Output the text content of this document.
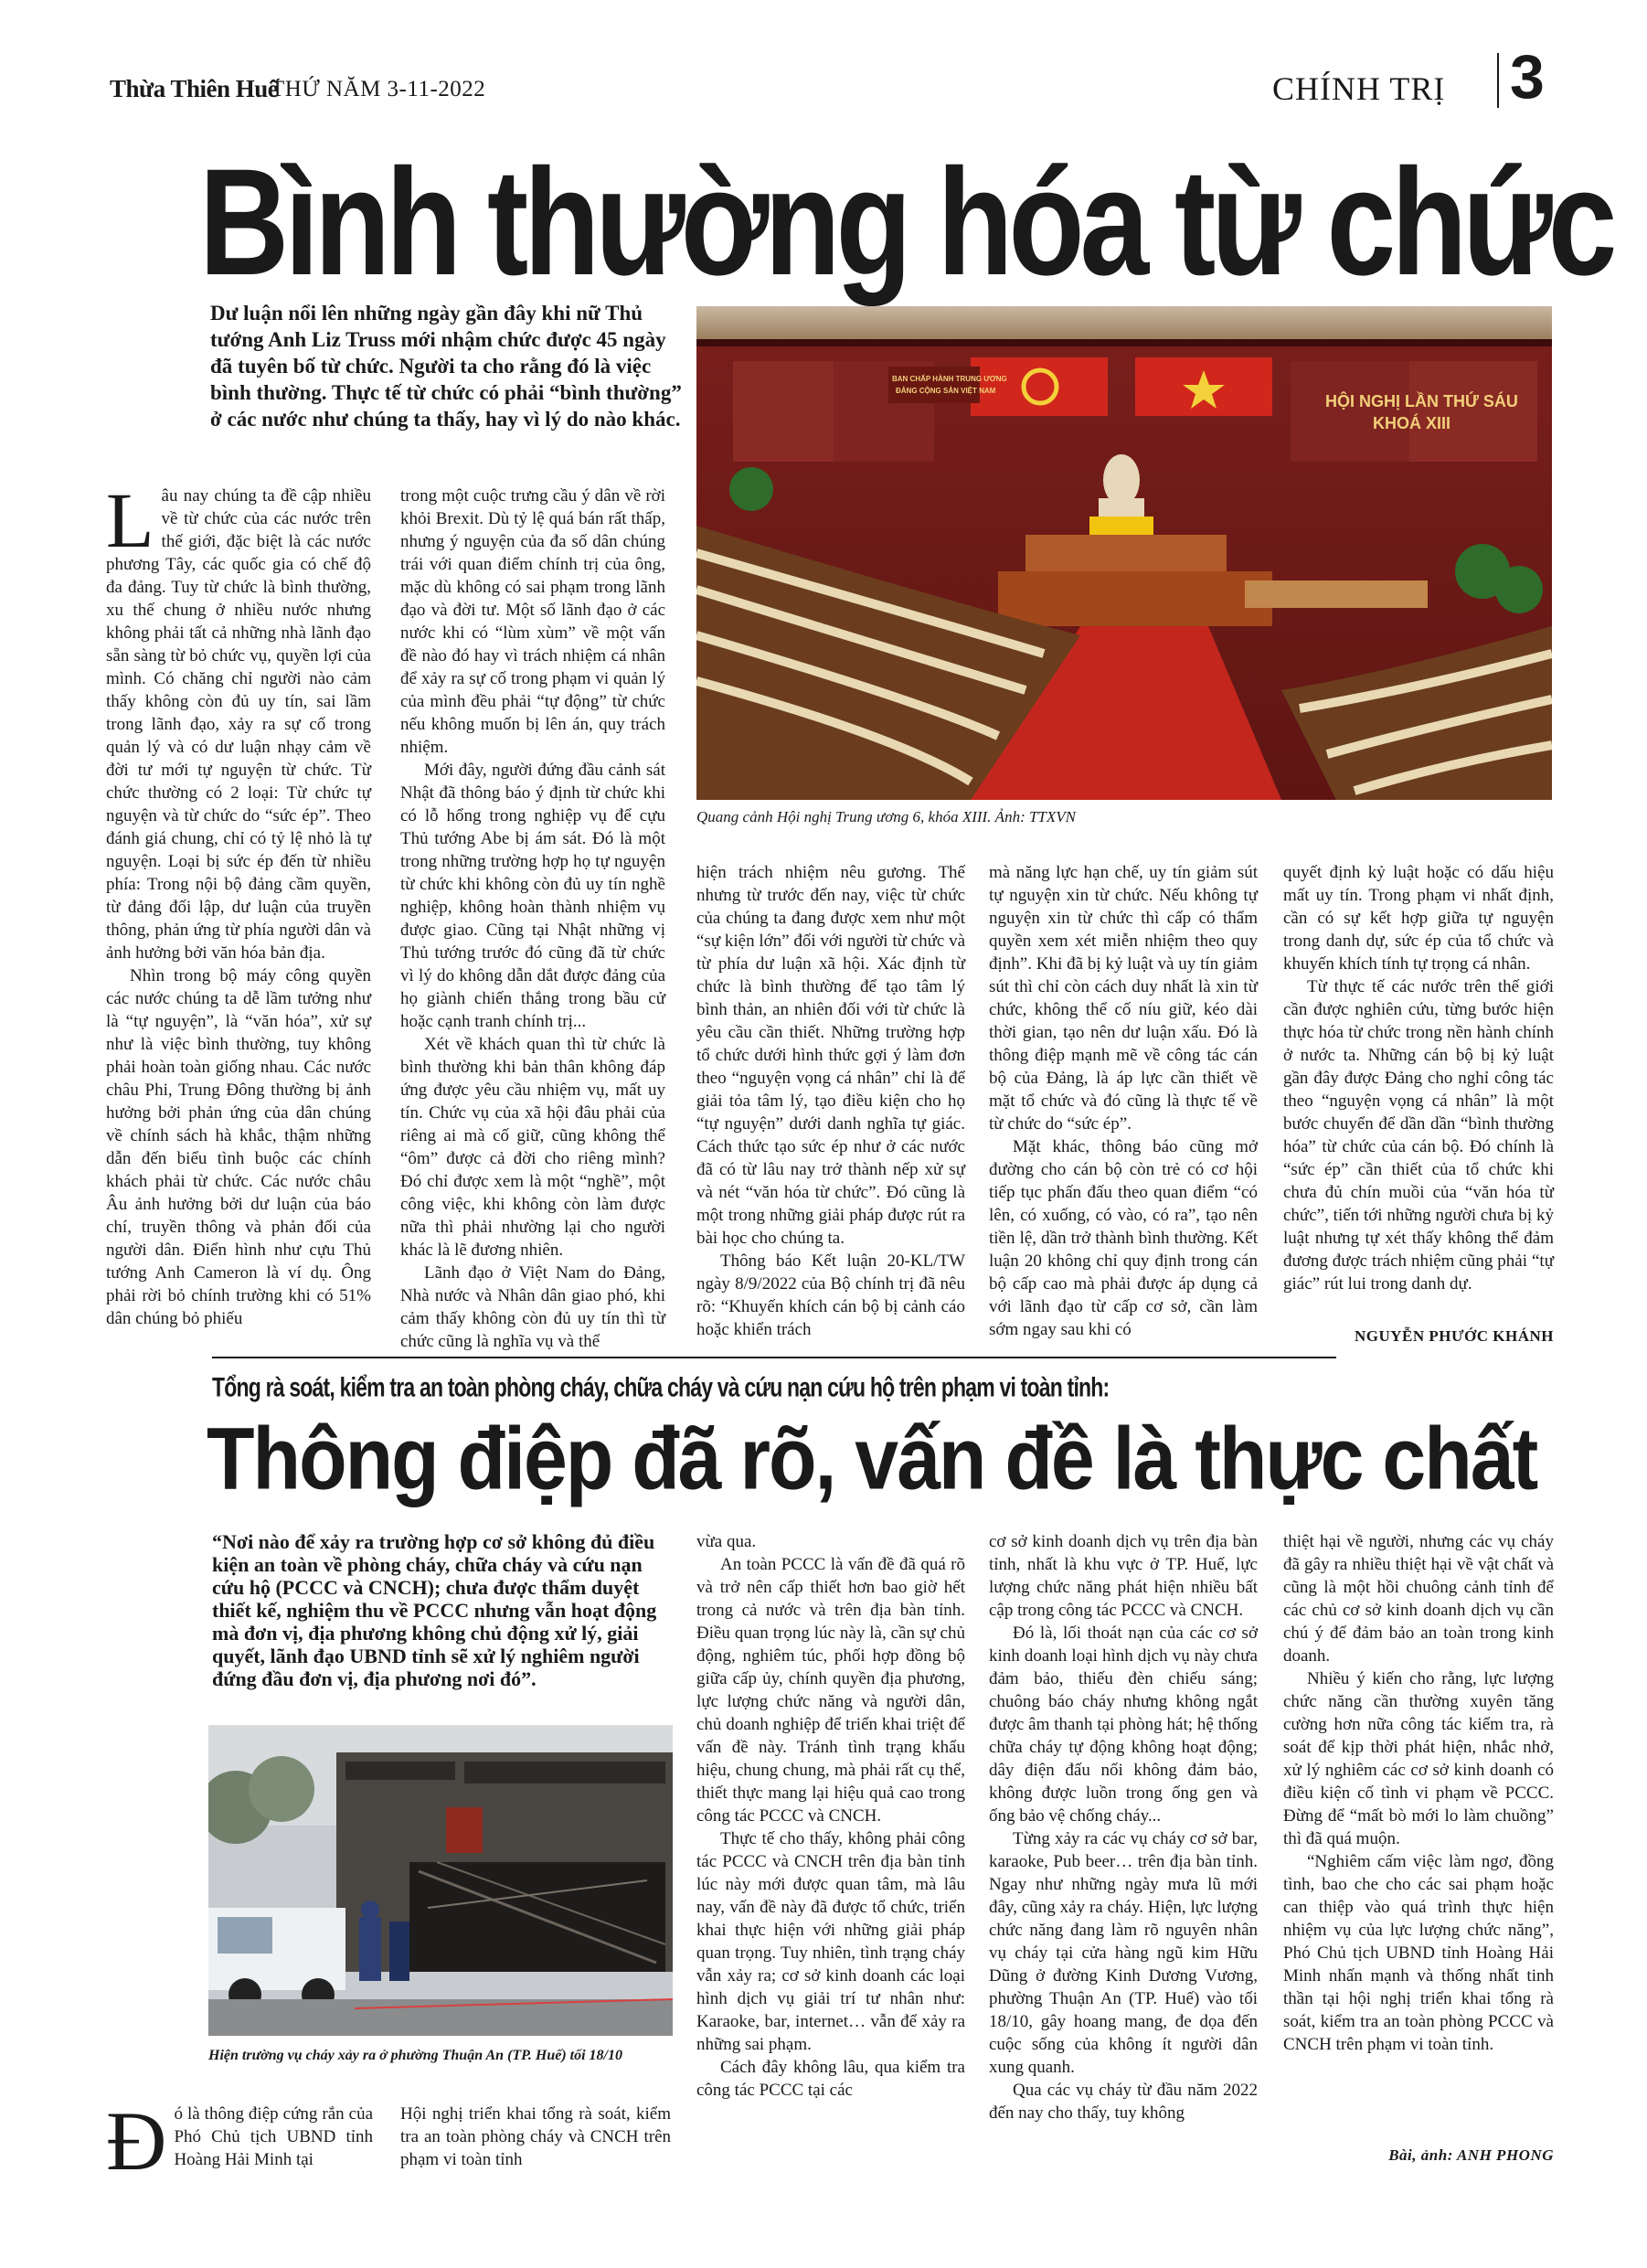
Thừa Thiên Huế
THỨ NĂM 3-11-2022	CHÍNH TRỊ 3
Bình thường hóa từ chức
Dư luận nổi lên những ngày gần đây khi nữ Thủ tướng Anh Liz Truss mới nhậm chức được 45 ngày đã tuyên bố từ chức. Người ta cho rằng đó là việc bình thường. Thực tế từ chức có phải “bình thường” ở các nước như chúng ta thấy, hay vì lý do nào khác.
BAN CHẤP HÀNH TRUNG ƯƠNG
ĐẢNG CỘNG SẢN VIỆT NAM
HỘI NGHỊ LẦN THỨ SÁU
KHOÁ XIII
Quang cảnh Hội nghị Trung ương 6, khóa XIII. Ảnh: TTXVN

Lâu nay chúng ta đề cập nhiều về từ chức của các nước trên thế giới, đặc biệt là các nước phương Tây, các quốc gia có chế độ đa đảng. Tuy từ chức là bình thường, xu thế chung ở nhiều nước nhưng không phải tất cả những nhà lãnh đạo sẵn sàng từ bỏ chức vụ, quyền lợi của mình. Có chăng chỉ người nào cảm thấy không còn đủ uy tín, sai lầm trong lãnh đạo, xảy ra sự cố trong quản lý và có dư luận nhạy cảm về đời tư mới tự nguyện từ chức. Từ chức thường có 2 loại: Từ chức tự nguyện và từ chức do “sức ép”. Theo đánh giá chung, chỉ có tỷ lệ nhỏ là tự nguyện. Loại bị sức ép đến từ nhiều phía: Trong nội bộ đảng cầm quyền, từ đảng đối lập, dư luận của truyền thông, phản ứng từ phía người dân và ảnh hưởng bởi văn hóa bản địa.

Nhìn trong bộ máy công quyền các nước chúng ta dễ lầm tưởng như là “tự nguyện”, là “văn hóa”, xử sự như là việc bình thường, tuy không phải hoàn toàn giống nhau. Các nước châu Phi, Trung Đông thường bị ảnh hưởng bởi phản ứng của dân chúng về chính sách hà khắc, thậm những dẫn đến biểu tình buộc các chính khách phải từ chức. Các nước châu Âu ảnh hưởng bởi dư luận của báo chí, truyền thông và phản đối của người dân. Điển hình như cựu Thủ tướng Anh Cameron là ví dụ. Ông phải rời bỏ chính trường khi có 51% dân chúng bỏ phiếu

trong một cuộc trưng cầu ý dân về rời khỏi Brexit. Dù tỷ lệ quá bán rất thấp, nhưng ý nguyện của đa số dân chúng trái với quan điểm chính trị của ông, mặc dù không có sai phạm trong lãnh đạo và đời tư. Một số lãnh đạo ở các nước khi có “lùm xùm” về một vấn đề nào đó hay vì trách nhiệm cá nhân để xảy ra sự cố trong phạm vi quản lý của mình đều phải “tự động” từ chức nếu không muốn bị lên án, quy trách nhiệm.

Mới đây, người đứng đầu cảnh sát Nhật đã thông báo ý định từ chức khi có lỗ hổng trong nghiệp vụ để cựu Thủ tướng Abe bị ám sát. Đó là một trong những trường hợp họ tự nguyện từ chức khi không còn đủ uy tín nghề nghiệp, không hoàn thành nhiệm vụ được giao. Cũng tại Nhật những vị Thủ tướng trước đó cũng đã từ chức vì lý do không dẫn dắt được đảng của họ giành chiến thắng trong bầu cử hoặc cạnh tranh chính trị...

Xét về khách quan thì từ chức là bình thường khi bản thân không đáp ứng được yêu cầu nhiệm vụ, mất uy tín. Chức vụ của xã hội đâu phải của riêng ai mà cố giữ, cũng không thể “ôm” được cả đời cho riêng mình? Đó chỉ được xem là một “nghề”, một công việc, khi không còn làm được nữa thì phải nhường lại cho người khác là lẽ đương nhiên.

Lãnh đạo ở Việt Nam do Đảng, Nhà nước và Nhân dân giao phó, khi cảm thấy không còn đủ uy tín thì từ chức cũng là nghĩa vụ và thể

hiện trách nhiệm nêu gương. Thế nhưng từ trước đến nay, việc từ chức của chúng ta đang được xem như một “sự kiện lớn” đối với người từ chức và từ phía dư luận xã hội. Xác định từ chức là bình thường để tạo tâm lý bình thản, an nhiên đối với từ chức là yêu cầu cần thiết. Những trường hợp tổ chức dưới hình thức gợi ý làm đơn theo “nguyện vọng cá nhân” chỉ là để giải tỏa tâm lý, tạo điều kiện cho họ “tự nguyện” dưới danh nghĩa tự giác. Cách thức tạo sức ép như ở các nước đã có từ lâu nay trở thành nếp xử sự và nét “văn hóa từ chức”. Đó cũng là một trong những giải pháp được rút ra bài học cho chúng ta.

Thông báo Kết luận 20-KL/TW ngày 8/9/2022 của Bộ chính trị đã nêu rõ: “Khuyến khích cán bộ bị cảnh cáo hoặc khiển trách

mà năng lực hạn chế, uy tín giảm sút tự nguyện xin từ chức. Nếu không tự nguyện xin từ chức thì cấp có thẩm quyền xem xét miễn nhiệm theo quy định”. Khi đã bị kỷ luật và uy tín giảm sút thì chỉ còn cách duy nhất là xin từ chức, không thể cố níu giữ, kéo dài thời gian, tạo nên dư luận xấu. Đó là thông điệp mạnh mẽ về công tác cán bộ của Đảng, là áp lực cần thiết về mặt tổ chức và đó cũng là thực tế về từ chức do “sức ép”.

Mặt khác, thông báo cũng mở đường cho cán bộ còn trẻ có cơ hội tiếp tục phấn đấu theo quan điểm “có lên, có xuống, có vào, có ra”, tạo nên tiền lệ, dần trở thành bình thường. Kết luận 20 không chỉ quy định trong cán bộ cấp cao mà phải được áp dụng cả với lãnh đạo từ cấp cơ sở, cần làm sớm ngay sau khi có

quyết định kỷ luật hoặc có dấu hiệu mất uy tín. Trong phạm vi nhất định, cần có sự kết hợp giữa tự nguyện trong danh dự, sức ép của tổ chức và khuyến khích tính tự trọng cá nhân.

Từ thực tế các nước trên thế giới cần được nghiên cứu, từng bước hiện thực hóa từ chức trong nền hành chính ở nước ta. Những cán bộ bị kỷ luật gần đây được Đảng cho nghỉ công tác theo “nguyện vọng cá nhân” là một bước chuyển để dần dần “bình thường hóa” từ chức của cán bộ. Đó chính là “sức ép” cần thiết của tổ chức khi chưa đủ chín muồi của “văn hóa từ chức”, tiến tới những người chưa bị kỷ luật nhưng tự xét thấy không thể đảm đương được trách nhiệm cũng phải “tự giác” rút lui trong danh dự.

NGUYỄN PHƯỚC KHÁNH
Tổng rà soát, kiểm tra an toàn phòng cháy, chữa cháy và cứu nạn cứu hộ trên phạm vi toàn tỉnh:
Thông điệp đã rõ, vấn đề là thực chất
“Nơi nào để xảy ra trường hợp cơ sở không đủ điều kiện an toàn về phòng cháy, chữa cháy và cứu nạn cứu hộ (PCCC và CNCH); chưa được thẩm duyệt thiết kế, nghiệm thu về PCCC nhưng vẫn hoạt động mà đơn vị, địa phương không chủ động xử lý, giải quyết, lãnh đạo UBND tỉnh sẽ xử lý nghiêm người đứng đầu đơn vị, địa phương nơi đó”.
Hiện trường vụ cháy xảy ra ở phường Thuận An (TP. Huế) tối 18/10

Đó là thông điệp cứng rắn của Phó Chủ tịch UBND tỉnh Hoàng Hải Minh tại

Hội nghị triển khai tổng rà soát, kiểm tra an toàn phòng cháy và CNCH trên phạm vi toàn tỉnh

vừa qua.

An toàn PCCC là vấn đề đã quá rõ và trở nên cấp thiết hơn bao giờ hết trong cả nước và trên địa bàn tỉnh. Điều quan trọng lúc này là, cần sự chủ động, nghiêm túc, phối hợp đồng bộ giữa cấp ủy, chính quyền địa phương, lực lượng chức năng và người dân, chủ doanh nghiệp để triển khai triệt để vấn đề này. Tránh tình trạng khẩu hiệu, chung chung, mà phải rất cụ thể, thiết thực mang lại hiệu quả cao trong công tác PCCC và CNCH.

Thực tế cho thấy, không phải công tác PCCC và CNCH trên địa bàn tỉnh lúc này mới được quan tâm, mà lâu nay, vấn đề này đã được tổ chức, triển khai thực hiện với những giải pháp quan trọng. Tuy nhiên, tình trạng cháy vẫn xảy ra; cơ sở kinh doanh các loại hình dịch vụ giải trí tư nhân như: Karaoke, bar, internet… vẫn để xảy ra những sai phạm.

Cách đây không lâu, qua kiểm tra công tác PCCC tại các

cơ sở kinh doanh dịch vụ trên địa bàn tỉnh, nhất là khu vực ở TP. Huế, lực lượng chức năng phát hiện nhiều bất cập trong công tác PCCC và CNCH.

Đó là, lối thoát nạn của các cơ sở kinh doanh loại hình dịch vụ này chưa đảm bảo, thiếu đèn chiếu sáng; chuông báo cháy nhưng không ngắt được âm thanh tại phòng hát; hệ thống chữa cháy tự động không hoạt động; dây điện đấu nối không đảm bảo, không được luồn trong ống gen và ống bảo vệ chống cháy...

Từng xảy ra các vụ cháy cơ sở bar, karaoke, Pub beer… trên địa bàn tỉnh. Ngay như những ngày mưa lũ mới đây, cũng xảy ra cháy. Hiện, lực lượng chức năng đang làm rõ nguyên nhân vụ cháy tại cửa hàng ngũ kim Hữu Dũng ở đường Kinh Dương Vương, phường Thuận An (TP. Huế) vào tối 18/10, gây hoang mang, đe dọa đến cuộc sống của không ít người dân xung quanh.

Qua các vụ cháy từ đầu năm 2022 đến nay cho thấy, tuy không

thiệt hại về người, nhưng các vụ cháy đã gây ra nhiều thiệt hại về vật chất và cũng là một hồi chuông cảnh tỉnh để các chủ cơ sở kinh doanh dịch vụ cần chú ý để đảm bảo an toàn trong kinh doanh.

Nhiều ý kiến cho rằng, lực lượng chức năng cần thường xuyên tăng cường hơn nữa công tác kiểm tra, rà soát để kịp thời phát hiện, nhắc nhở, xử lý nghiêm các cơ sở kinh doanh có điều kiện cố tình vi phạm về PCCC. Đừng để “mất bò mới lo làm chuồng” thì đã quá muộn.

“Nghiêm cấm việc làm ngơ, đồng tình, bao che cho các sai phạm hoặc can thiệp vào quá trình thực hiện nhiệm vụ của lực lượng chức năng”, Phó Chủ tịch UBND tỉnh Hoàng Hải Minh nhấn mạnh và thống nhất tinh thần tại hội nghị triển khai tổng rà soát, kiểm tra an toàn phòng PCCC và CNCH trên phạm vi toàn tỉnh.

Bài, ảnh: ANH PHONG
